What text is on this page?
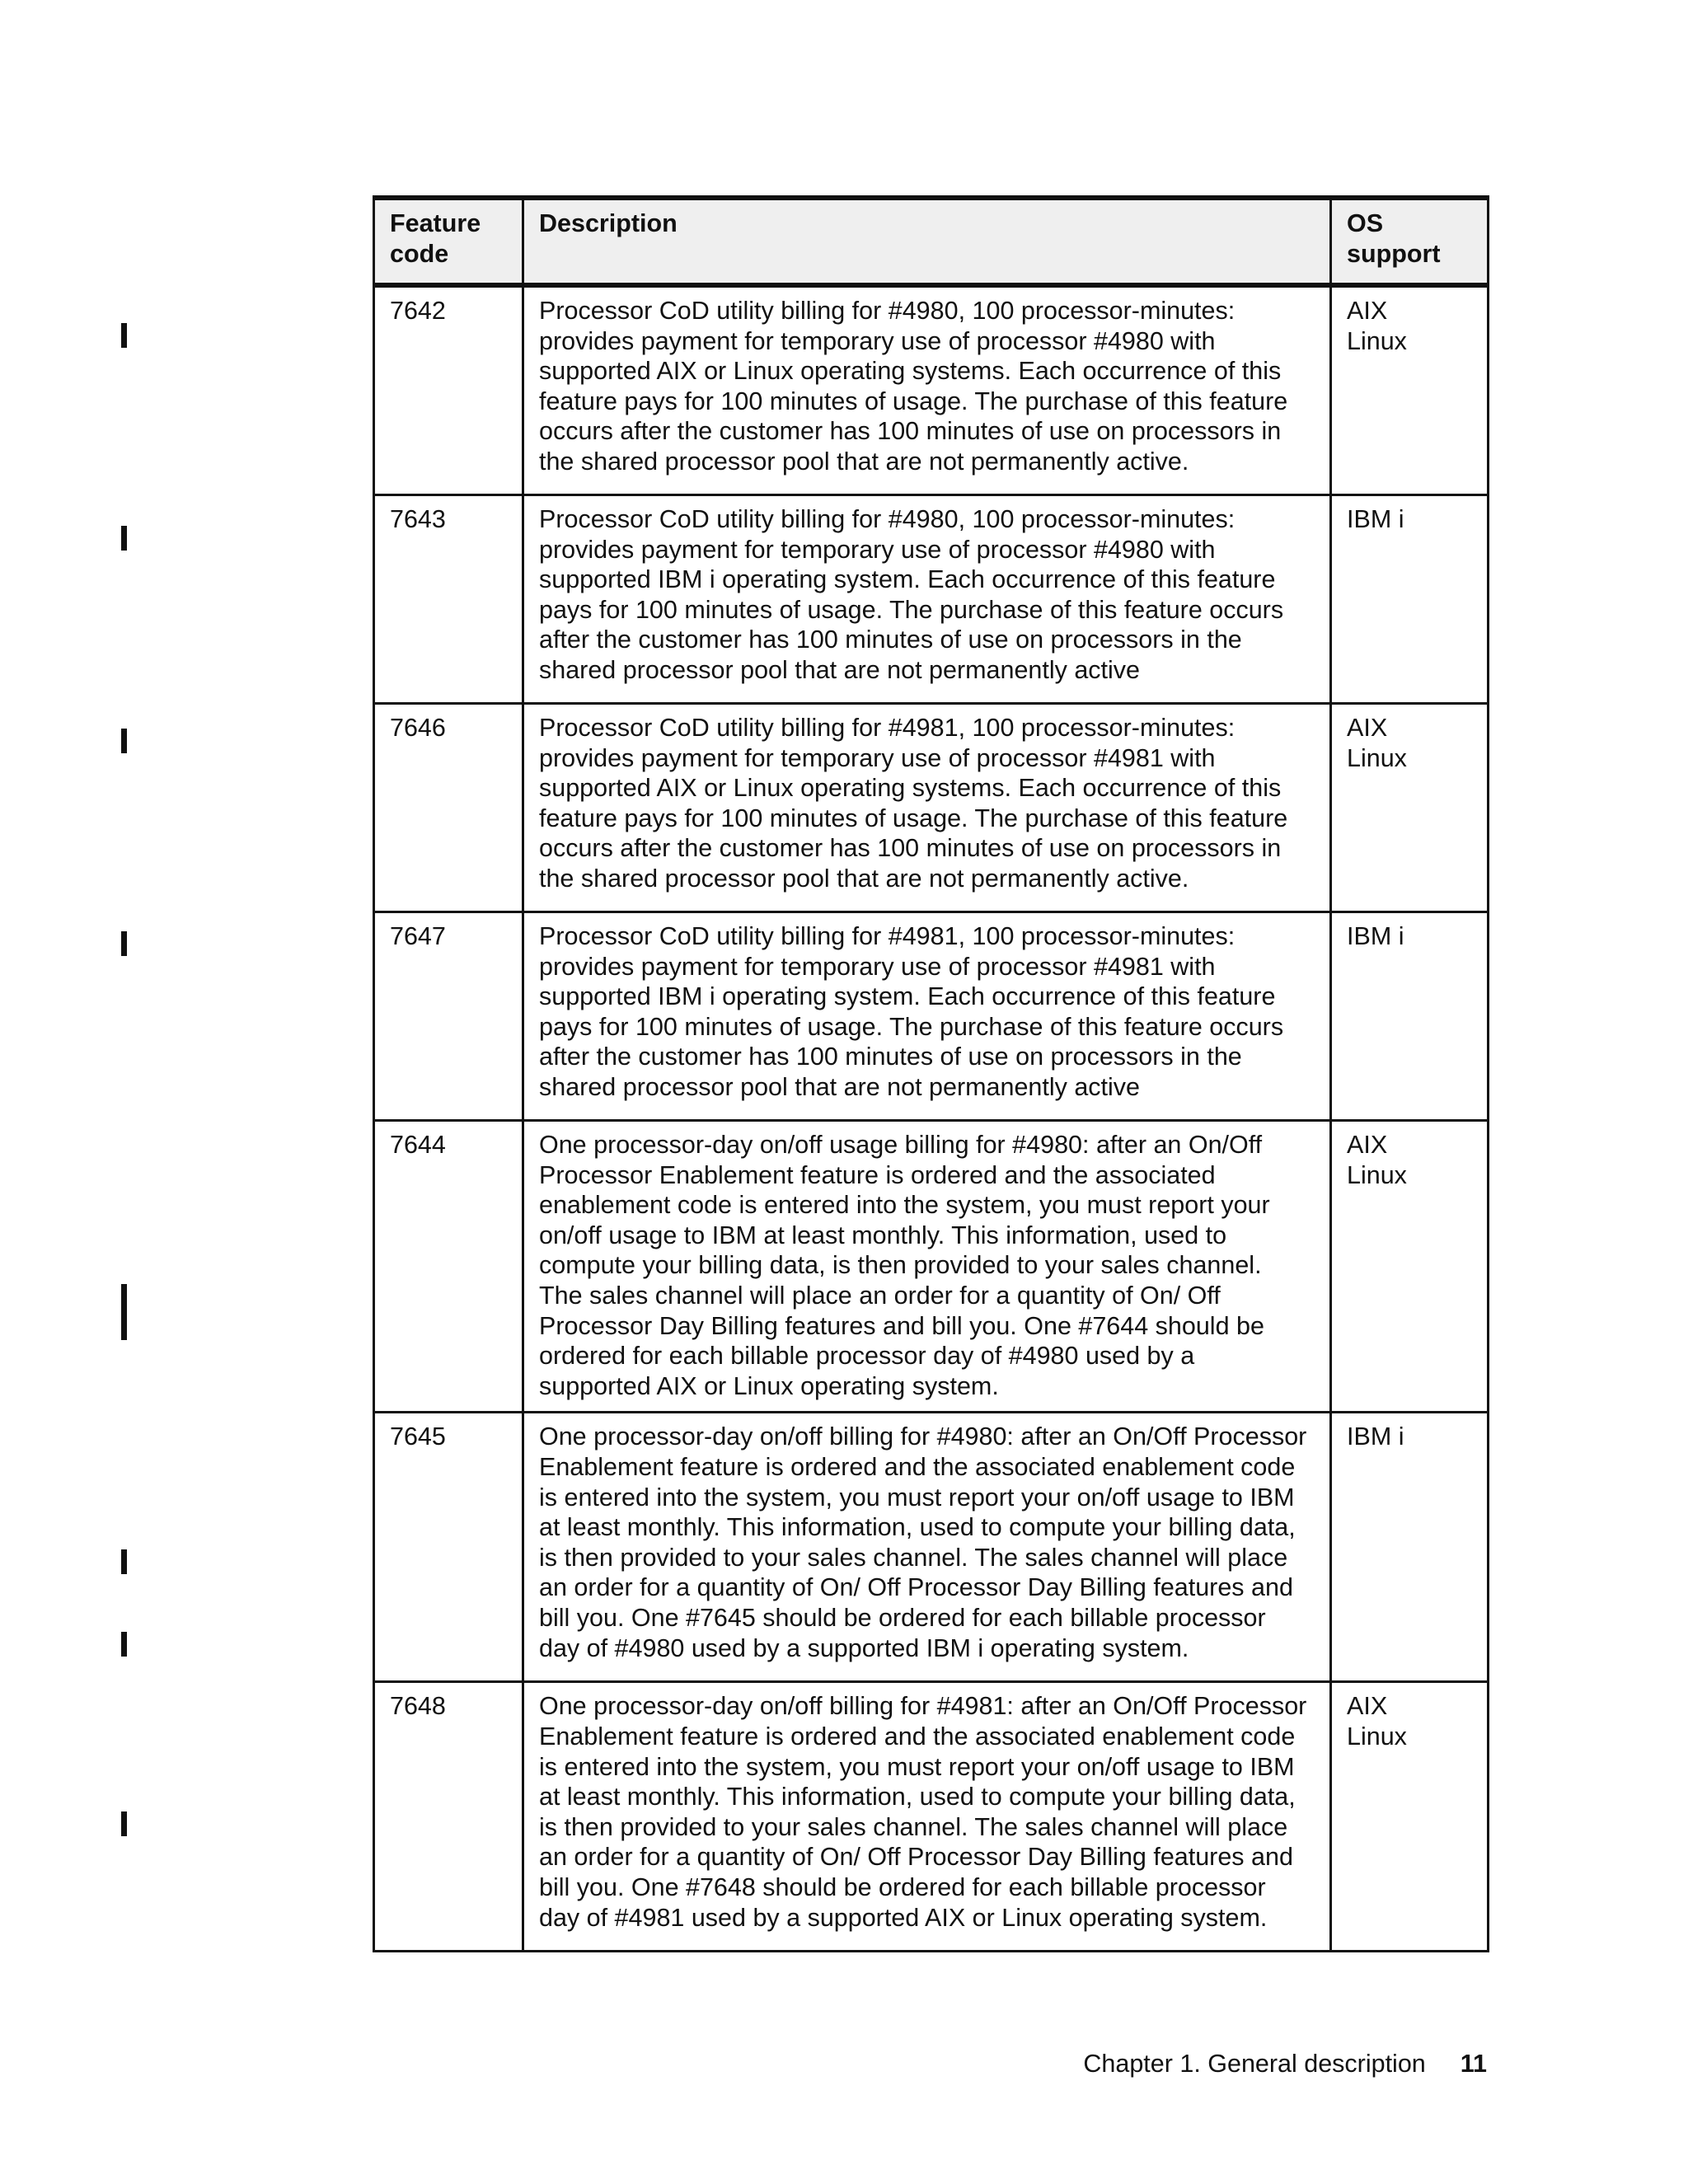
Feature code	Description	OS support
7642	Processor CoD utility billing for #4980, 100 processor-minutes: provides payment for temporary use of processor #4980 with supported AIX or Linux operating systems. Each occurrence of this feature pays for 100 minutes of usage. The purchase of this feature occurs after the customer has 100 minutes of use on processors in the shared processor pool that are not permanently active.	AIX
Linux

7643	Processor CoD utility billing for #4980, 100 processor-minutes: provides payment for temporary use of processor #4980 with supported IBM i operating system. Each occurrence of this feature pays for 100 minutes of usage. The purchase of this feature occurs after the customer has 100 minutes of use on processors in the shared processor pool that are not permanently active	IBM i

7646	Processor CoD utility billing for #4981, 100 processor-minutes: provides payment for temporary use of processor #4981 with supported AIX or Linux operating systems. Each occurrence of this feature pays for 100 minutes of usage. The purchase of this feature occurs after the customer has 100 minutes of use on processors in the shared processor pool that are not permanently active.	AIX
Linux

7647	Processor CoD utility billing for #4981, 100 processor-minutes: provides payment for temporary use of processor #4981 with supported IBM i operating system. Each occurrence of this feature pays for 100 minutes of usage. The purchase of this feature occurs after the customer has 100 minutes of use on processors in the shared processor pool that are not permanently active	IBM i

7644	One processor-day on/off usage billing for #4980: after an On/Off Processor Enablement feature is ordered and the associated enablement code is entered into the system, you must report your on/off usage to IBM at least monthly. This information, used to compute your billing data, is then provided to your sales channel. The sales channel will place an order for a quantity of On/ Off Processor Day Billing features and bill you. One #7644 should be ordered for each billable processor day of #4980 used by a supported AIX or Linux operating system.	AIX
Linux

7645	One processor-day on/off billing for #4980: after an On/Off Processor Enablement feature is ordered and the associated enablement code is entered into the system, you must report your on/off usage to IBM at least monthly. This information, used to compute your billing data, is then provided to your sales channel. The sales channel will place an order for a quantity of On/ Off Processor Day Billing features and bill you. One #7645 should be ordered for each billable processor day of #4980 used by a supported IBM i operating system.	IBM i

7648	One processor-day on/off billing for #4981: after an On/Off Processor Enablement feature is ordered and the associated enablement code is entered into the system, you must report your on/off usage to IBM at least monthly. This information, used to compute your billing data, is then provided to your sales channel. The sales channel will place an order for a quantity of On/ Off Processor Day Billing features and bill you. One #7648 should be ordered for each billable processor day of #4981 used by a supported AIX or Linux operating system.	AIX
Linux
Chapter 1. General description 11
